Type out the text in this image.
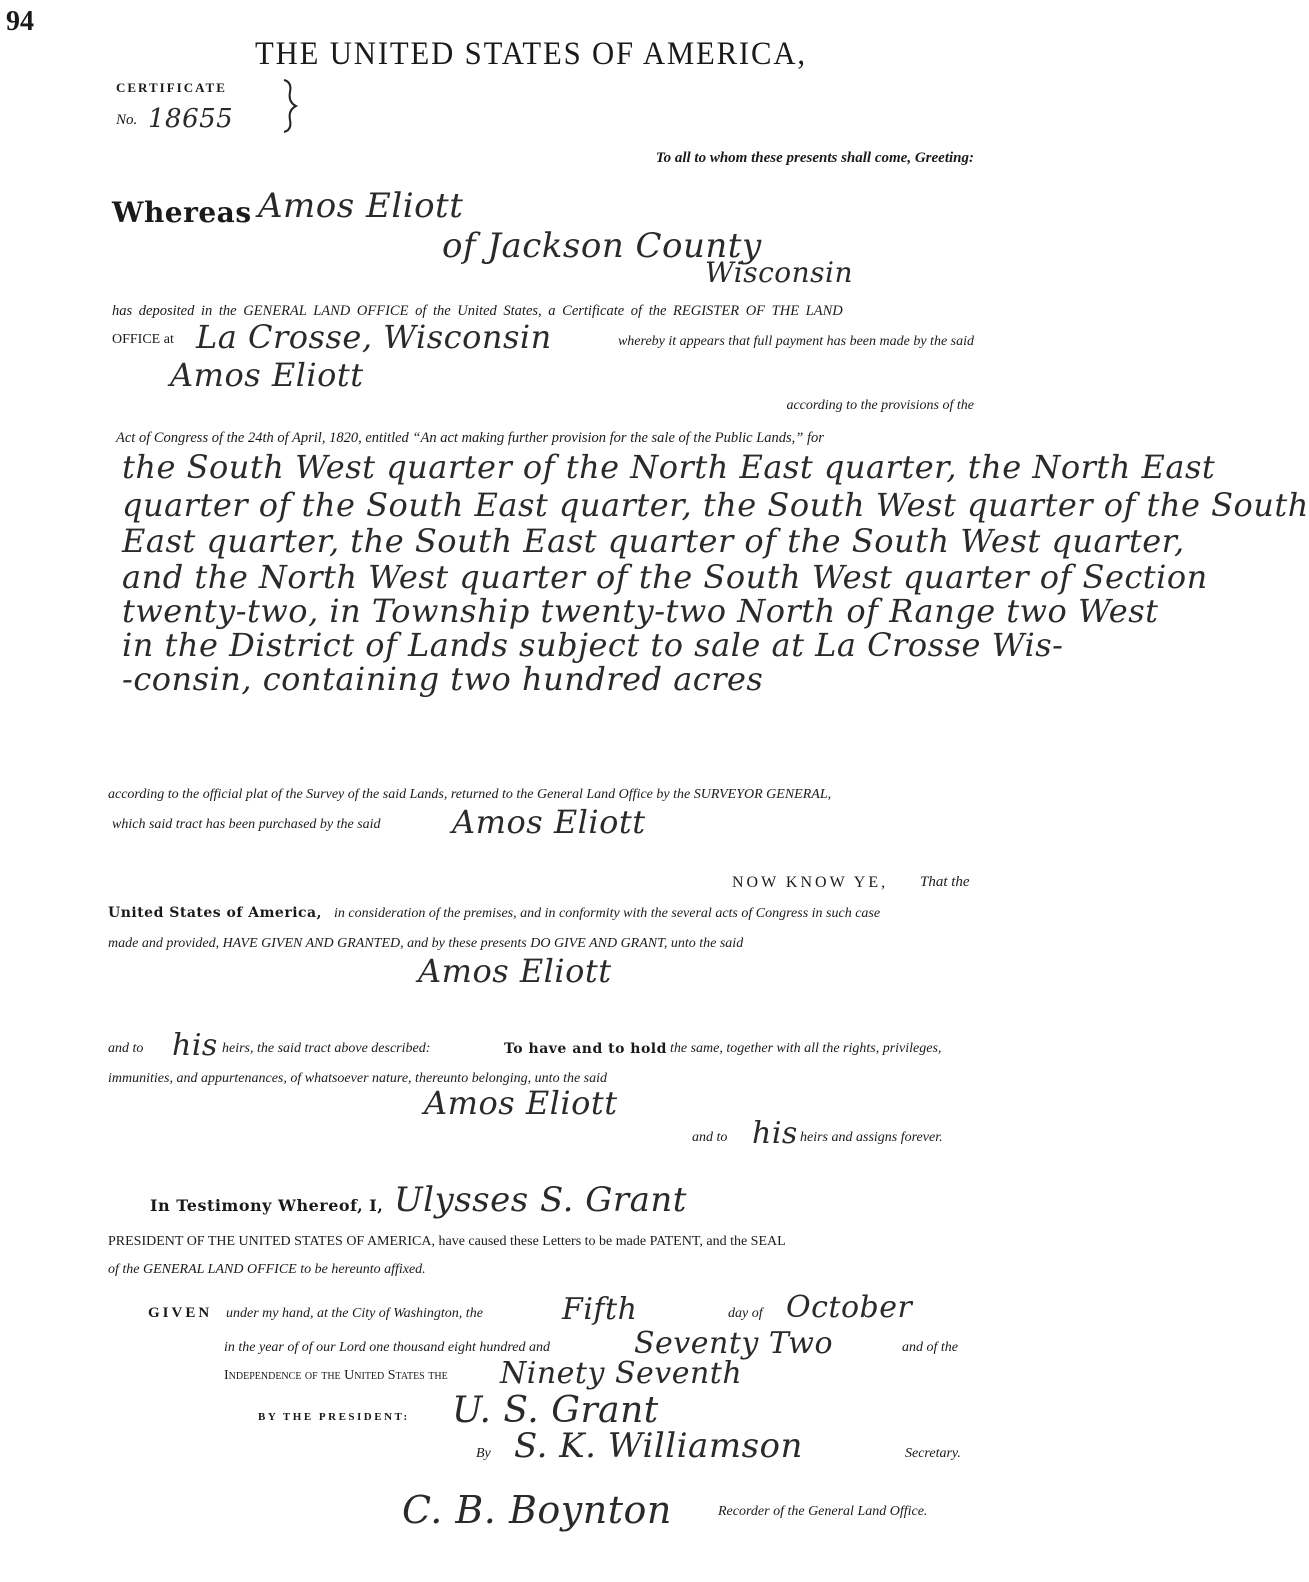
94
THE UNITED STATES OF AMERICA,
CERTIFICATE
No. 18655
To all to whom these presents shall come, Greeting:
Whereas Amos Eliott
of Jackson County
Wisconsin
has deposited in the GENERAL LAND OFFICE of the United States, a Certificate of the REGISTER OF THE LAND
OFFICE at La Crosse, Wisconsin	whereby it appears that full payment has been made by the said
Amos Eliott
according to the provisions of the
Act of Congress of the 24th of April, 1820, entitled “An act making further provision for the sale of the Public Lands,” for
the South West quarter of the North East quarter, the North East
quarter of the South East quarter, the South West quarter of the South
East quarter, the South East quarter of the South West quarter,
and the North West quarter of the South West quarter of Section
twenty-two, in Township twenty-two North of Range two West
in the District of Lands subject to sale at La Crosse Wis-
-consin, containing two hundred acres
according to the official plat of the Survey of the said Lands, returned to the General Land Office by the SURVEYOR GENERAL,
which said tract has been purchased by the said Amos Eliott
NOW KNOW YE, That the
United States of America, in consideration of the premises, and in conformity with the several acts of Congress in such case
made and provided, HAVE GIVEN AND GRANTED, and by these presents DO GIVE AND GRANT, unto the said
Amos Eliott
and to his heirs, the said tract above described:	To have and to hold the same, together with all the rights, privileges,
immunities, and appurtenances, of whatsoever nature, thereunto belonging, unto the said
Amos Eliott
and to his heirs and assigns forever.
In Testimony Whereof, I, Ulysses S. Grant
PRESIDENT OF THE UNITED STATES OF AMERICA, have caused these Letters to be made PATENT, and the SEAL
of the GENERAL LAND OFFICE to be hereunto affixed.
GIVEN under my hand, at the City of Washington, the	Fifth	day of October
in the year of of our Lord one thousand eight hundred and	Seventy Two	and of the
Independence of the United States the Ninety Seventh
BY THE PRESIDENT: U. S. Grant
By S. K. Williamson	Secretary.
C. B. Boynton	Recorder of the General Land Office.
